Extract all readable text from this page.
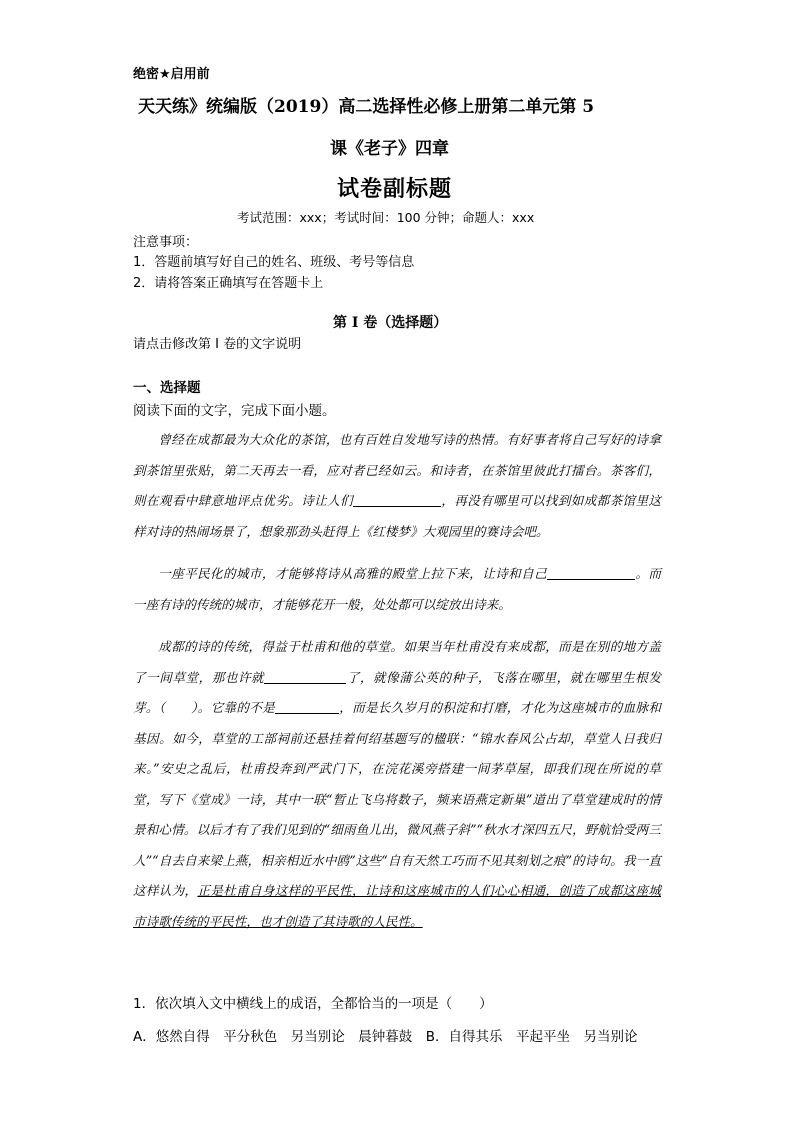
绝密★启用前
天天练》统编版（2019）高二选择性必修上册第二单元第 5
课《老子》四章
试卷副标题
考试范围：xxx；考试时间：100 分钟；命题人：xxx
注意事项：
1．答题前填写好自己的姓名、班级、考号等信息
2．请将答案正确填写在答题卡上
第 I 卷（选择题）
请点击修改第 I 卷的文字说明
一、选择题
阅读下面的文字，完成下面小题。

曾经在成都最为大众化的茶馆，也有百姓自发地写诗的热情。有好事者将自己写好的诗拿到茶馆里张贴，第二天再去一看，应对者已经如云。和诗者，在茶馆里彼此打擂台。茶客们，则在观看中肆意地评点优劣。诗让人们	，再没有哪里可以找到如成都茶馆里这样对诗的热闹场景了，想象那劲头赶得上《红楼梦》大观园里的赛诗会吧。

一座平民化的城市，才能够将诗从高雅的殿堂上拉下来，让诗和自己	。而一座有诗的传统的城市，才能够花开一般，处处都可以绽放出诗来。

成都的诗的传统，得益于杜甫和他的草堂。如果当年杜甫没有来成都，而是在别的地方盖了一间草堂，那也许就	了，就像蒲公英的种子，飞落在哪里，就在哪里生根发芽。（　　）。它靠的不是	，而是长久岁月的积淀和打磨，才化为这座城市的血脉和基因。如今，草堂的工部祠前还悬挂着何绍基题写的楹联：“锦水春风公占却，草堂人日我归来。”安史之乱后，杜甫投奔到严武门下，在浣花溪旁搭建一间茅草屋，即我们现在所说的草堂，写下《堂成》一诗，其中一联“暂止飞乌将数子，频来语燕定新巢”道出了草堂建成时的情景和心情。以后才有了我们见到的“细雨鱼儿出，微风燕子斜”“秋水才深四五尺，野航恰受两三人”“自去自来梁上燕，相亲相近水中鸥”这些“自有天然工巧而不见其刻划之痕”的诗句。我一直这样认为，正是杜甫自身这样的平民性，让诗和这座城市的人们心心相通，创造了成都这座城市诗歌传统的平民性，也才创造了其诗歌的人民性。

1．依次填入文中横线上的成语，全都恰当的一项是（　　）
A．悠然自得　平分秋色　另当别论　晨钟暮鼓　B．自得其乐　平起平坐　另当别论
